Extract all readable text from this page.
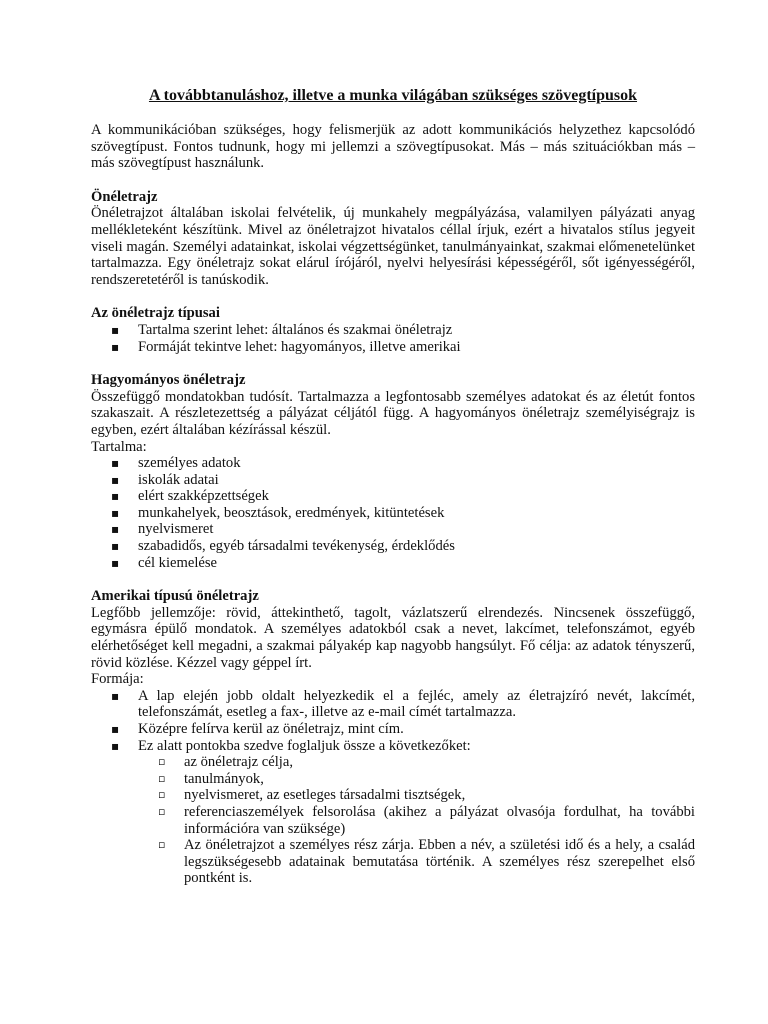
A továbbtanuláshoz, illetve a munka világában szükséges szövegtípusok

A kommunikációban szükséges, hogy felismerjük az adott kommunikációs helyzethez kapcsolódó szövegtípust. Fontos tudnunk, hogy mi jellemzi a szövegtípusokat. Más – más szituációkban más – más szövegtípust használunk.

Önéletrajz

Önéletrajzot általában iskolai felvételik, új munkahely megpályázása, valamilyen pályázati anyag mellékleteként készítünk. Mivel az önéletrajzot hivatalos céllal írjuk, ezért a hivatalos stílus jegyeit viseli magán. Személyi adatainkat, iskolai végzettségünket, tanulmányainkat, szakmai előmenetelünket tartalmazza. Egy önéletrajz sokat elárul írójáról, nyelvi helyesírási képességéről, sőt igényességéről, rendszeretetéről is tanúskodik.

Az önéletrajz típusai
▪ Tartalma szerint lehet: általános és szakmai önéletrajz
▪ Formáját tekintve lehet: hagyományos, illetve amerikai
Hagyományos önéletrajz

Összefüggő mondatokban tudósít. Tartalmazza a legfontosabb személyes adatokat és az életút fontos szakaszait. A részletezettség a pályázat céljától függ. A hagyományos önéletrajz személyiségrajz is egyben, ezért általában kézírással készül.

Tartalma:

▪ személyes adatok
▪ iskolák adatai
▪ elért szakképzettségek
▪ munkahelyek, beosztások, eredmények, kitüntetések
▪ nyelvismeret
▪ szabadidős, egyéb társadalmi tevékenység, érdeklődés
▪ cél kiemelése
Amerikai típusú önéletrajz

Legfőbb jellemzője: rövid, áttekinthető, tagolt, vázlatszerű elrendezés. Nincsenek összefüggő, egymásra épülő mondatok. A személyes adatokból csak a nevet, lakcímet, telefonszámot, egyéb elérhetőséget kell megadni, a szakmai pályakép kap nagyobb hangsúlyt. Fő célja: az adatok tényszerű, rövid közlése. Kézzel vagy géppel írt.

Formája:

▪ A lap elején jobb oldalt helyezkedik el a fejléc, amely az életrajzíró nevét, lakcímét, telefonszámát, esetleg a fax-, illetve az e-mail címét tartalmazza.
▪ Középre felírva kerül az önéletrajz, mint cím.
▪ Ez alatt pontokba szedve foglaljuk össze a következőket:
▫ az önéletrajz célja,
▫ tanulmányok,
▫ nyelvismeret, az esetleges társadalmi tisztségek,
▫ referenciaszemélyek felsorolása (akihez a pályázat olvasója fordulhat, ha további információra van szüksége)
▫ Az önéletrajzot a személyes rész zárja. Ebben a név, a születési idő és a hely, a család legszükségesebb adatainak bemutatása történik. A személyes rész szerepelhet első pontként is.
